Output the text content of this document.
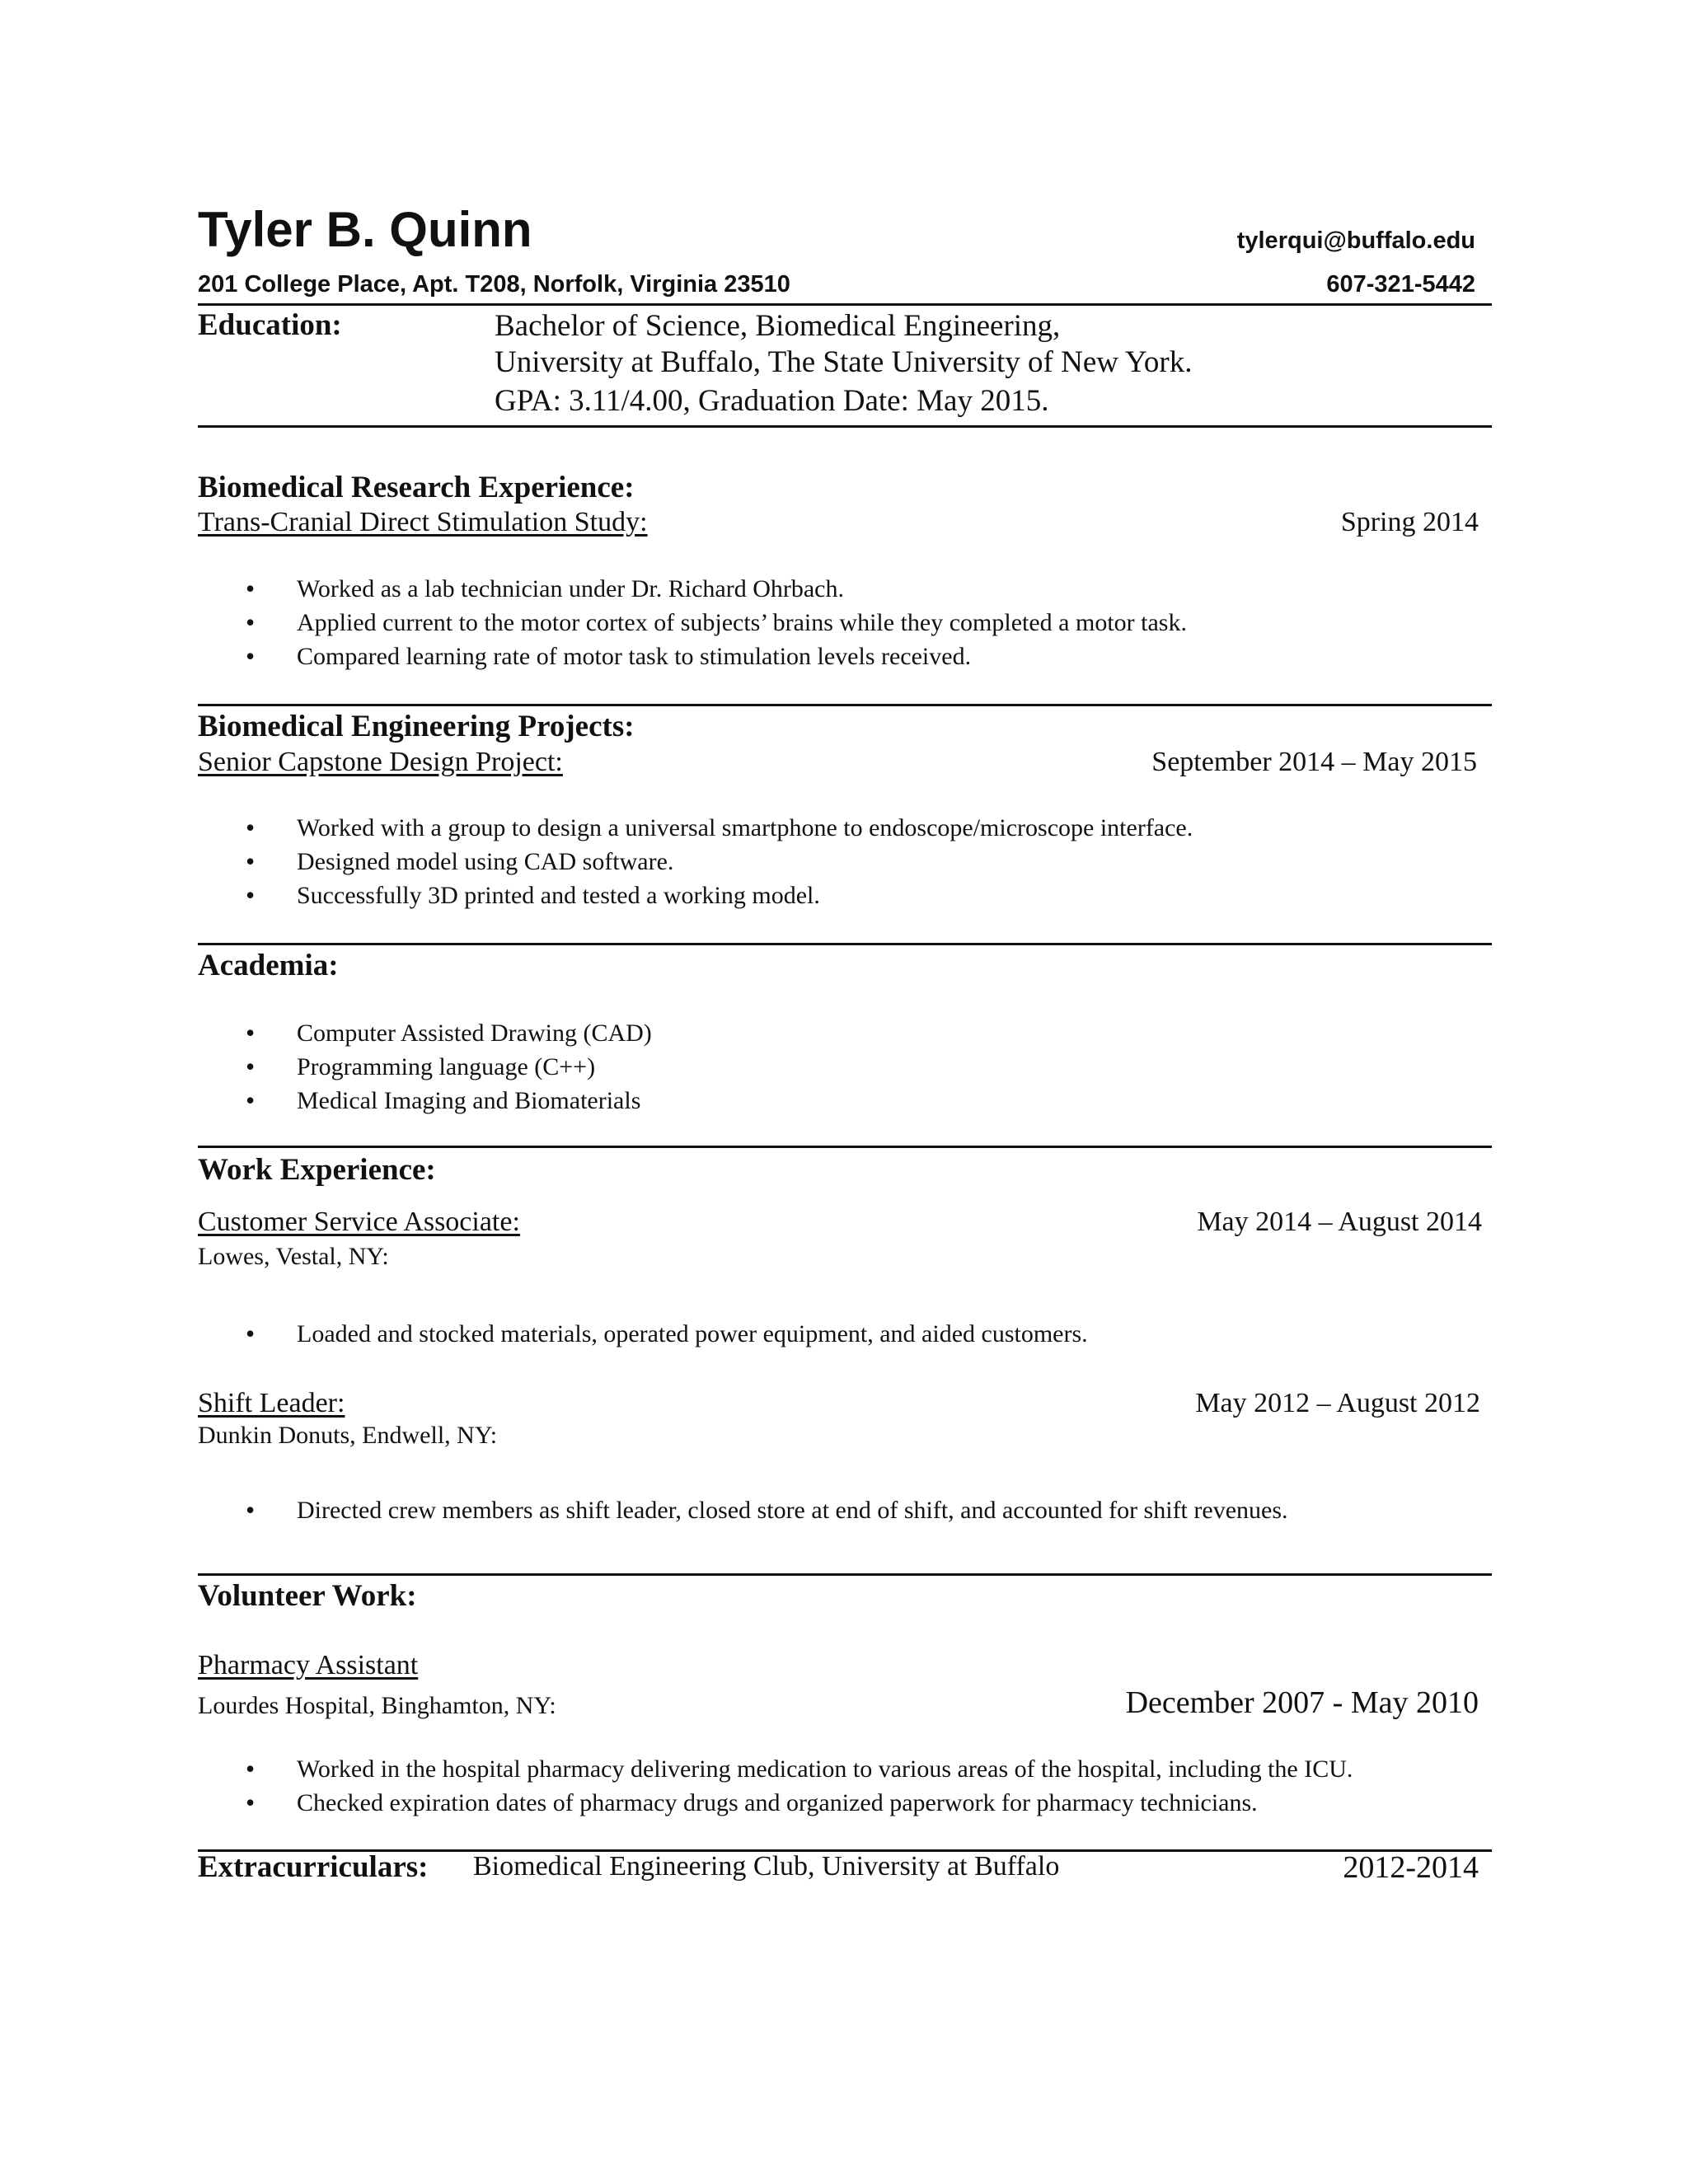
Tyler B. Quinn	tylerqui@buffalo.edu
201 College Place, Apt. T208, Norfolk, Virginia 23510	607-321-5442
Education:	Bachelor of Science, Biomedical Engineering,
University at Buffalo, The State University of New York.
GPA: 3.11/4.00, Graduation Date: May 2015.
Biomedical Research Experience:
Trans-Cranial Direct Stimulation Study:	Spring 2014
• Worked as a lab technician under Dr. Richard Ohrbach.
• Applied current to the motor cortex of subjects’ brains while they completed a motor task.
• Compared learning rate of motor task to stimulation levels received.
Biomedical Engineering Projects:
Senior Capstone Design Project:	September 2014 – May 2015
• Worked with a group to design a universal smartphone to endoscope/microscope interface.
• Designed model using CAD software.
• Successfully 3D printed and tested a working model.
Academia:
• Computer Assisted Drawing (CAD)
• Programming language (C++)
• Medical Imaging and Biomaterials
Work Experience:
Customer Service Associate:	May 2014 – August 2014
Lowes, Vestal, NY:
• Loaded and stocked materials, operated power equipment, and aided customers.
Shift Leader:	May 2012 – August 2012
Dunkin Donuts, Endwell, NY:
• Directed crew members as shift leader, closed store at end of shift, and accounted for shift revenues.
Volunteer Work:
Pharmacy Assistant
Lourdes Hospital, Binghamton, NY:	December 2007 - May 2010
• Worked in the hospital pharmacy delivering medication to various areas of the hospital, including the ICU.
• Checked expiration dates of pharmacy drugs and organized paperwork for pharmacy technicians.
Extracurriculars: Biomedical Engineering Club, University at Buffalo	2012-2014
